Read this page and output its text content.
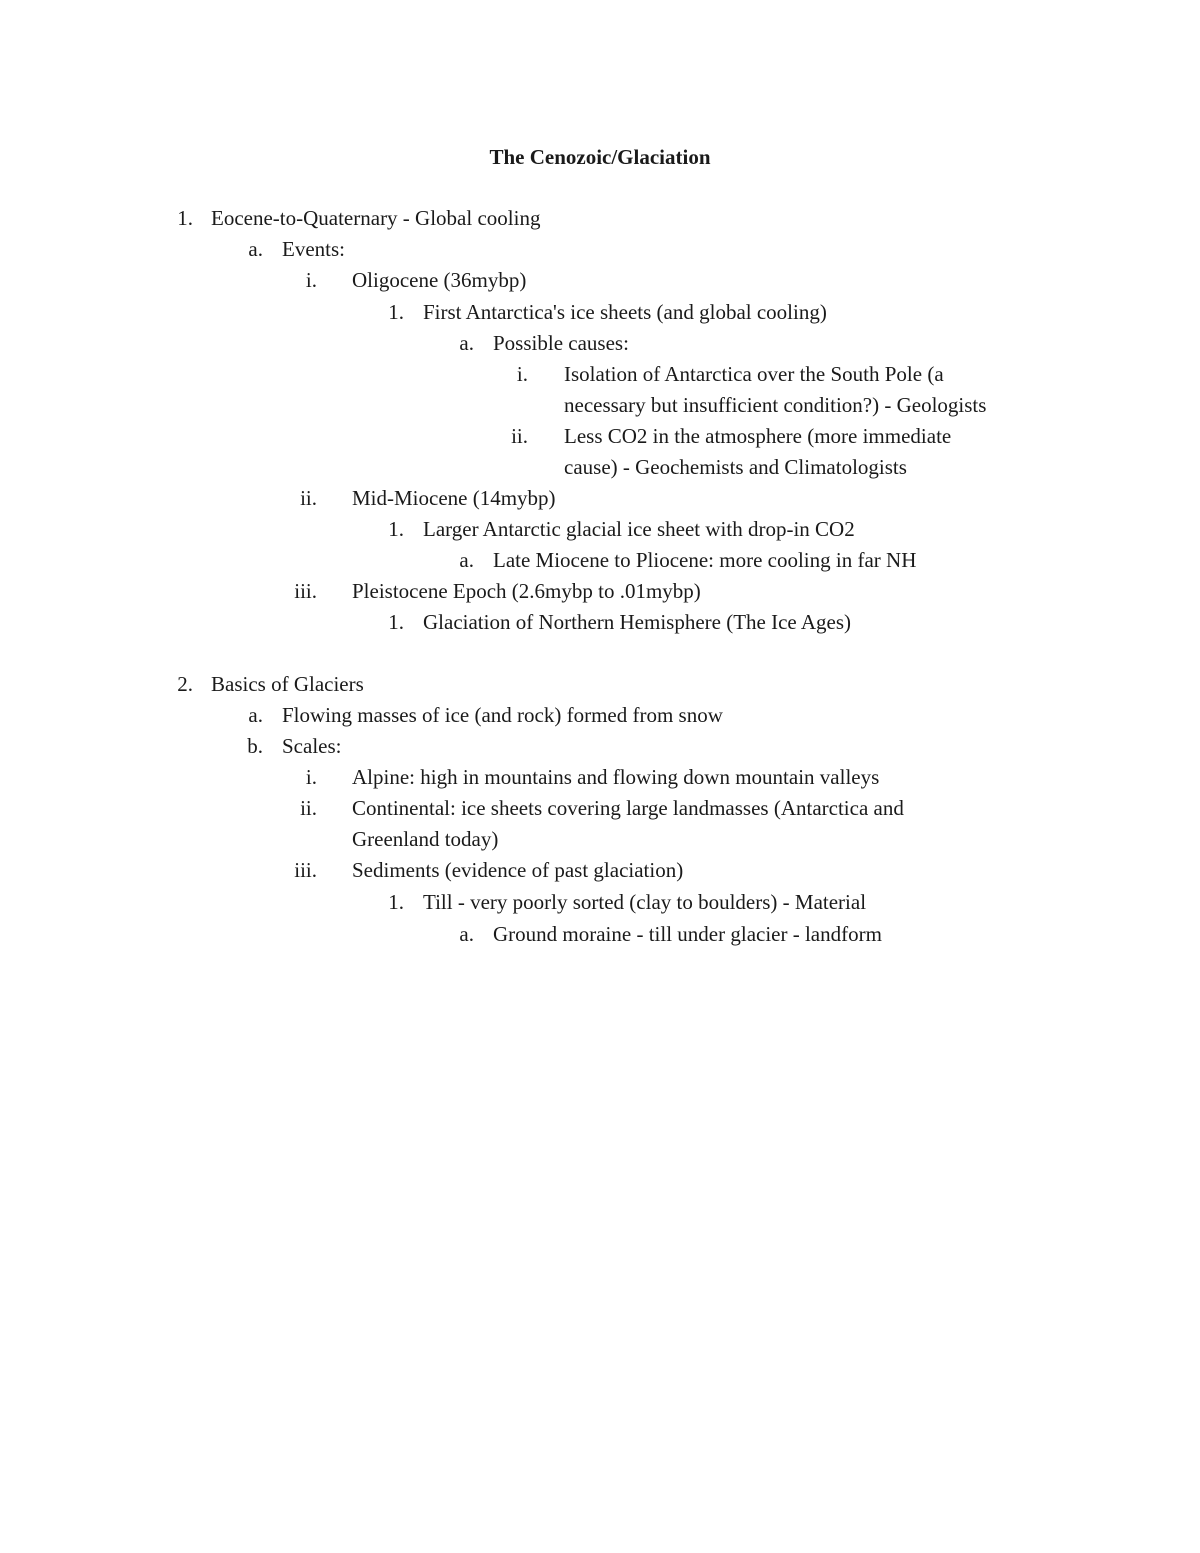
The Cenozoic/Glaciation
1. Eocene-to-Quaternary - Global cooling
a. Events:
i. Oligocene (36mybp)
1. First Antarctica's ice sheets (and global cooling)
a. Possible causes:
i. Isolation of Antarctica over the South Pole (a
necessary but insufficient condition?) - Geologists
ii. Less CO2 in the atmosphere (more immediate
cause) - Geochemists and Climatologists
ii. Mid-Miocene (14mybp)
1. Larger Antarctic glacial ice sheet with drop-in CO2
a. Late Miocene to Pliocene: more cooling in far NH
iii. Pleistocene Epoch (2.6mybp to .01mybp)
1. Glaciation of Northern Hemisphere (The Ice Ages)
2. Basics of Glaciers
a. Flowing masses of ice (and rock) formed from snow
b. Scales:
i. Alpine: high in mountains and flowing down mountain valleys
ii. Continental: ice sheets covering large landmasses (Antarctica and
Greenland today)
iii. Sediments (evidence of past glaciation)
1. Till - very poorly sorted (clay to boulders) - Material
a. Ground moraine - till under glacier - landform
